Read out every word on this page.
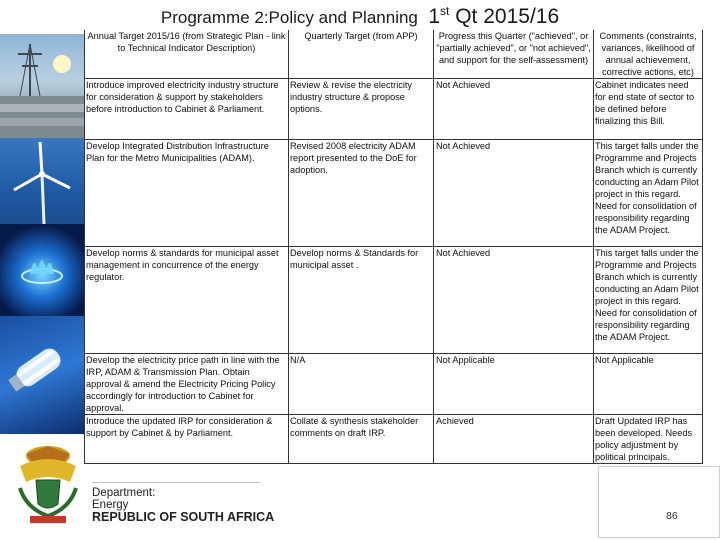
Programme 2:Policy and Planning 1st Qt 2015/16
Annual Target 2015/16 (from Strategic Plan - link to Technical Indicator Description)	Quarterly Target (from APP)	Progress this Quarter ("achieved", or "partially achieved", or "not achieved", and support for the self-assessment)	Comments (constraints, variances, likelihood of annual achievement, corrective actions, etc)
Introduce improved electricity industry structure for consideration & support by stakeholders before introduction to Cabinet & Parliament.	Review & revise the electricity industry structure & propose options.	Not Achieved	Cabinet indicates need for end state of sector to be defined before finalizing this Bill.
Develop Integrated Distribution Infrastructure Plan for the Metro Municipalities (ADAM).	Revised 2008 electricity ADAM report presented to the DoE for adoption.	Not Achieved	This target falls under the Programme and Projects Branch which is currently conducting an Adam Pilot project in this regard. Need for consolidation of responsibility regarding the ADAM Project.
Develop norms & standards for municipal asset management in concurrence of the energy regulator.	Develop norms & Standards for municipal asset .	Not Achieved	This target falls under the Programme and Projects Branch which is currently conducting an Adam Pilot project in this regard. Need for consolidation of responsibility regarding the ADAM Project.
Develop the electricity price path in line with the IRP, ADAM & Transmission Plan. Obtain approval & amend the Electricity Pricing Policy accordingly for introduction to Cabinet for approval.	N/A	Not Applicable	Not Applicable
Introduce the updated IRP for consideration & support by Cabinet & by Parliament.	Collate & synthesis stakeholder comments on draft IRP.	Achieved	Draft Updated IRP has been developed. Needs policy adjustment by political principals.
Department:
Energy
REPUBLIC OF SOUTH AFRICA	86
